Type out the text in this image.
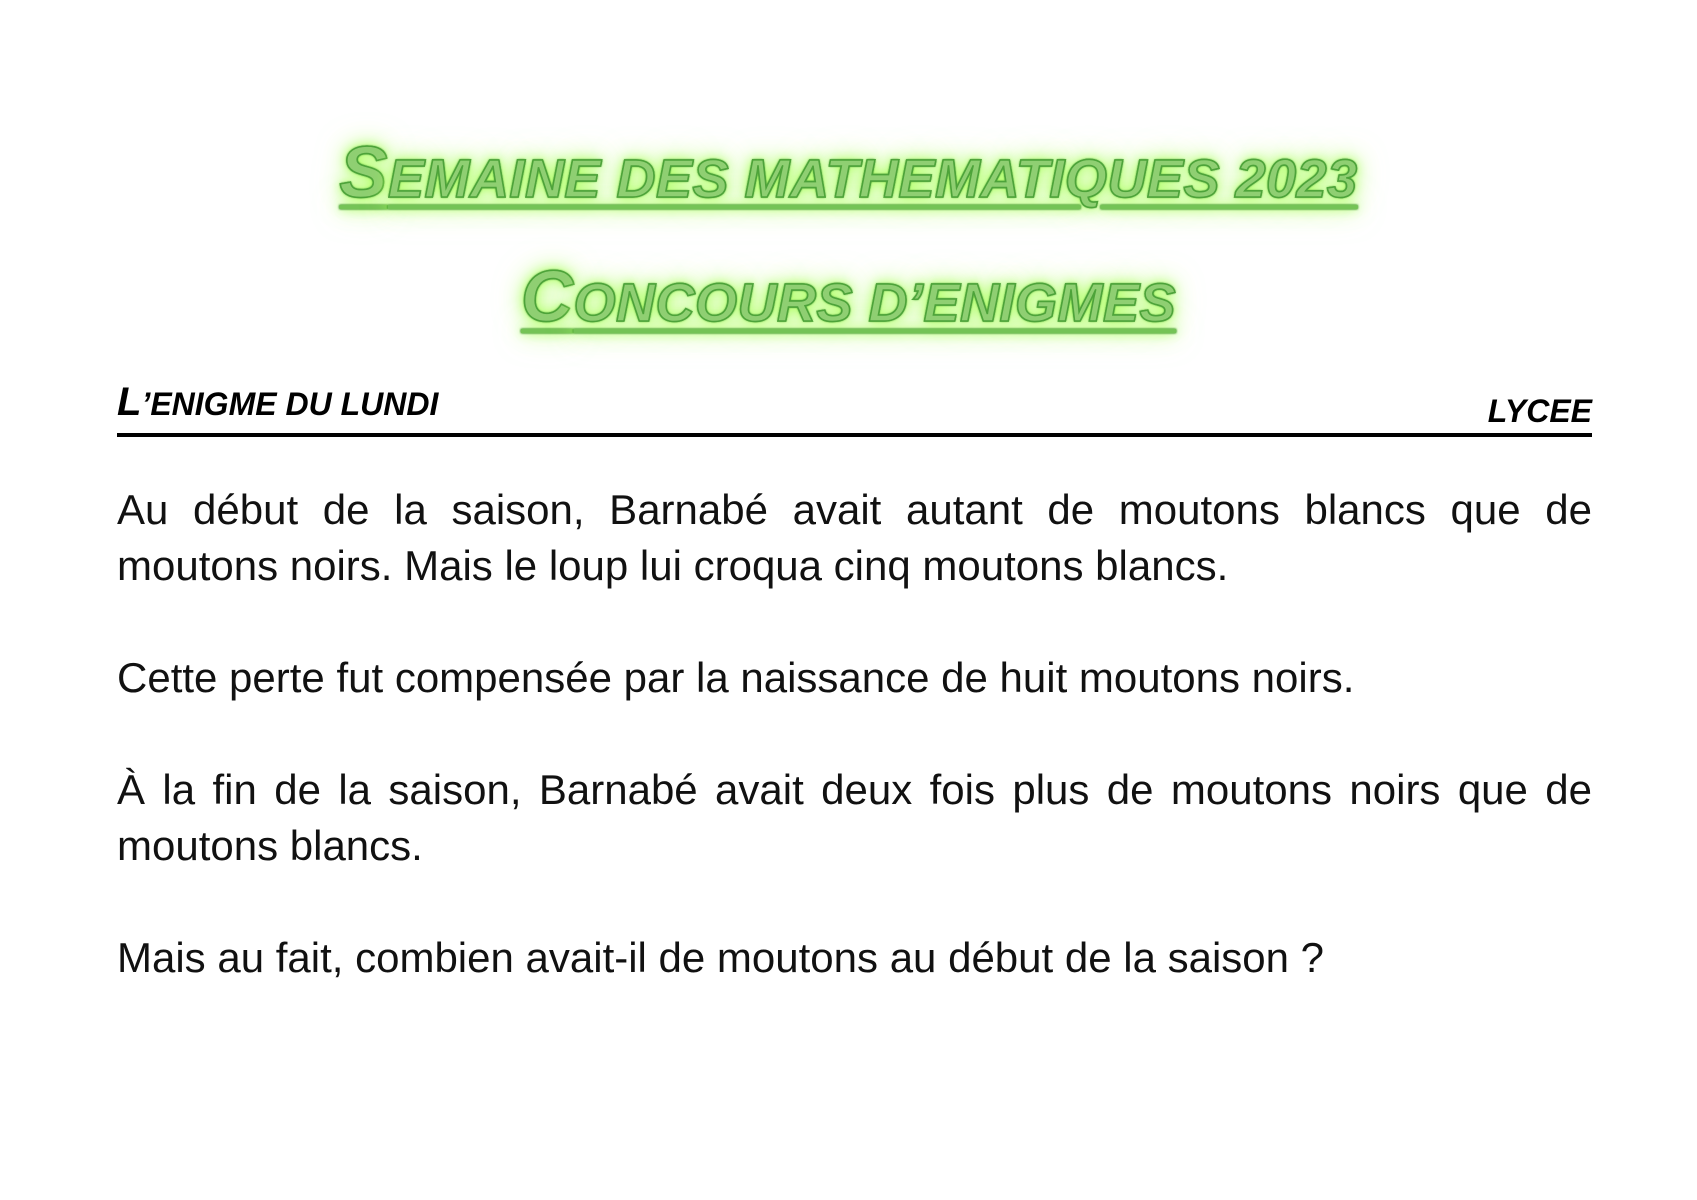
SEMAINE DES MATHEMATIQUES 2023
CONCOURS D’ENIGMES
L’ENIGME DU LUNDI	LYCEE

Au début de la saison, Barnabé avait autant de moutons blancs que de moutons noirs. Mais le loup lui croqua cinq moutons blancs.

Cette perte fut compensée par la naissance de huit moutons noirs.

À la fin de la saison, Barnabé avait deux fois plus de moutons noirs que de moutons blancs.

Mais au fait, combien avait-il de moutons au début de la saison ?
